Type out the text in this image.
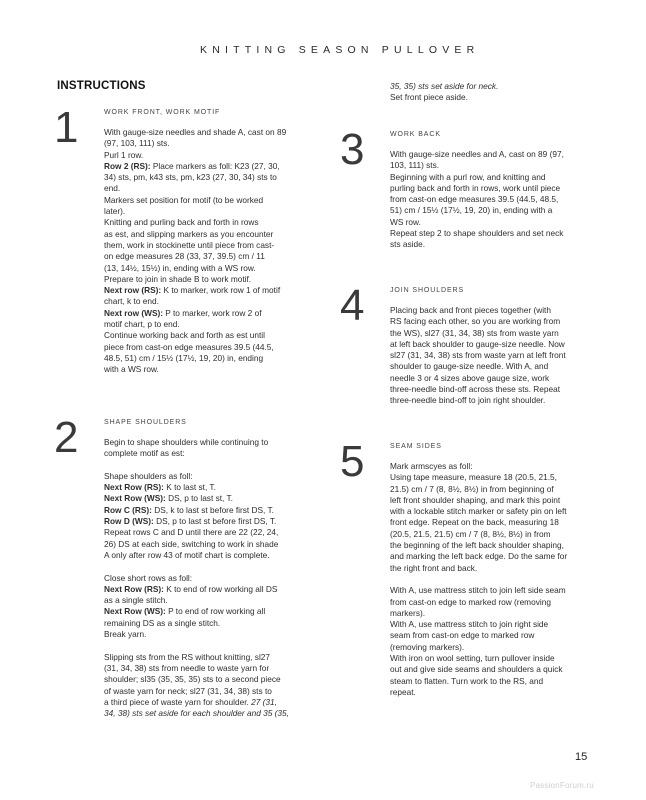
KNITTING SEASON PULLOVER
INSTRUCTIONS
1	WORK FRONT, WORK MOTIF
With gauge-size needles and shade A, cast on 89
(97, 103, 111) sts.
Purl 1 row.
Row 2 (RS): Place markers as foll: K23 (27, 30,
34) sts, pm, k43 sts, pm, k23 (27, 30, 34) sts to
end.
Markers set position for motif (to be worked
later).
Knitting and purling back and forth in rows
as est, and slipping markers as you encounter
them, work in stockinette until piece from cast-
on edge measures 28 (33, 37, 39.5) cm / 11
(13, 14½, 15½) in, ending with a WS row.
Prepare to join in shade B to work motif.
Next row (RS): K to marker, work row 1 of motif
chart, k to end.
Next row (WS): P to marker, work row 2 of
motif chart, p to end.
Continue working back and forth as est until
piece from cast-on edge measures 39.5 (44.5,
48.5, 51) cm / 15½ (17½, 19, 20) in, ending
with a WS row.
2	SHAPE SHOULDERS
Begin to shape shoulders while continuing to
complete motif as est:
Shape shoulders as foll:
Next Row (RS): K to last st, T.
Next Row (WS): DS, p to last st, T.
Row C (RS): DS, k to last st before first DS, T.
Row D (WS): DS, p to last st before first DS, T.
Repeat rows C and D until there are 22 (22, 24,
26) DS at each side, switching to work in shade
A only after row 43 of motif chart is complete.
Close short rows as foll:
Next Row (RS): K to end of row working all DS
as a single stitch.
Next Row (WS): P to end of row working all
remaining DS as a single stitch.
Break yarn.
Slipping sts from the RS without knitting, sl27
(31, 34, 38) sts from needle to waste yarn for
shoulder; sl35 (35, 35, 35) sts to a second piece
of waste yarn for neck; sl27 (31, 34, 38) sts to
a third piece of waste yarn for shoulder. 27 (31,
34, 38) sts set aside for each shoulder and 35 (35,
35, 35) sts set aside for neck.
Set front piece aside.
3	WORK BACK
With gauge-size needles and A, cast on 89 (97,
103, 111) sts.
Beginning with a purl row, and knitting and
purling back and forth in rows, work until piece
from cast-on edge measures 39.5 (44.5, 48.5,
51) cm / 15½ (17½, 19, 20) in, ending with a
WS row.
Repeat step 2 to shape shoulders and set neck
sts aside.
4	JOIN SHOULDERS
Placing back and front pieces together (with
RS facing each other, so you are working from
the WS), sl27 (31, 34, 38) sts from waste yarn
at left back shoulder to gauge-size needle. Now
sl27 (31, 34, 38) sts from waste yarn at left front
shoulder to gauge-size needle. With A, and
needle 3 or 4 sizes above gauge size, work
three-needle bind-off across these sts. Repeat
three-needle bind-off to join right shoulder.
5	SEAM SIDES
Mark armscyes as foll:
Using tape measure, measure 18 (20.5, 21.5,
21.5) cm / 7 (8, 8½, 8½) in from beginning of
left front shoulder shaping, and mark this point
with a lockable stitch marker or safety pin on left
front edge. Repeat on the back, measuring 18
(20.5, 21.5, 21.5) cm / 7 (8, 8½, 8½) in from
the beginning of the left back shoulder shaping,
and marking the left back edge. Do the same for
the right front and back.
With A, use mattress stitch to join left side seam
from cast-on edge to marked row (removing
markers).
With A, use mattress stitch to join right side
seam from cast-on edge to marked row
(removing markers).
With iron on wool setting, turn pullover inside
out and give side seams and shoulders a quick
steam to flatten. Turn work to the RS, and
repeat.
15
PassionForum.ru
